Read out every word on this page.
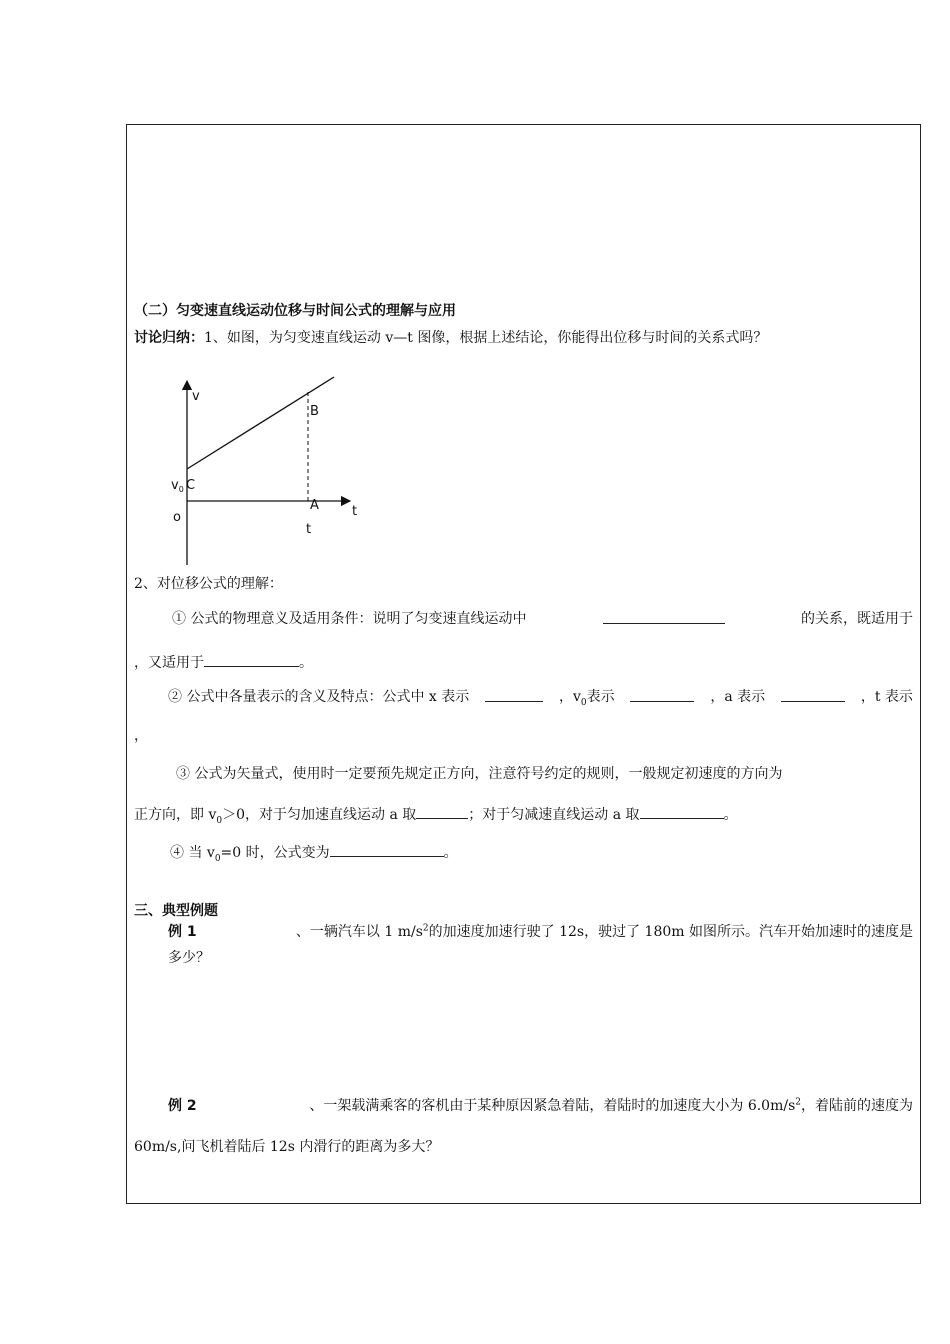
（二）匀变速直线运动位移与时间公式的理解与应用
讨论归纳：1、如图，为匀变速直线运动 v—t 图像，根据上述结论，你能得出位移与时间的关系式吗？
v
B
$v_0$ C
A	t
o
t
2、对位移公式的理解：
① 公式的物理意义及适用条件：说明了匀变速直线运动中	的关系，既适用于
，又适用于	。
② 公式中各量表示的含义及特点：公式中 x 表示	，$v_0$表示	，a 表示	，t 表示
，
③ 公式为矢量式，使用时一定要预先规定正方向，注意符号约定的规则，一般规定初速度的方向为
正方向，即 $v_0>0$，对于匀加速直线运动 a 取	；对于匀减速直线运动 a 取	。
④ 当 $v_0=0$ 时，公式变为	。
三、典型例题
例 1	、一辆汽车以 1 $m/s^2$的加速度加速行驶了 12s，驶过了 180m 如图所示。汽车开始加速时的速度是
多少？
例 2	、一架载满乘客的客机由于某种原因紧急着陆，着陆时的加速度大小为 $6.0m/s^2$，着陆前的速度为
60m/s,问飞机着陆后 12s 内滑行的距离为多大？
